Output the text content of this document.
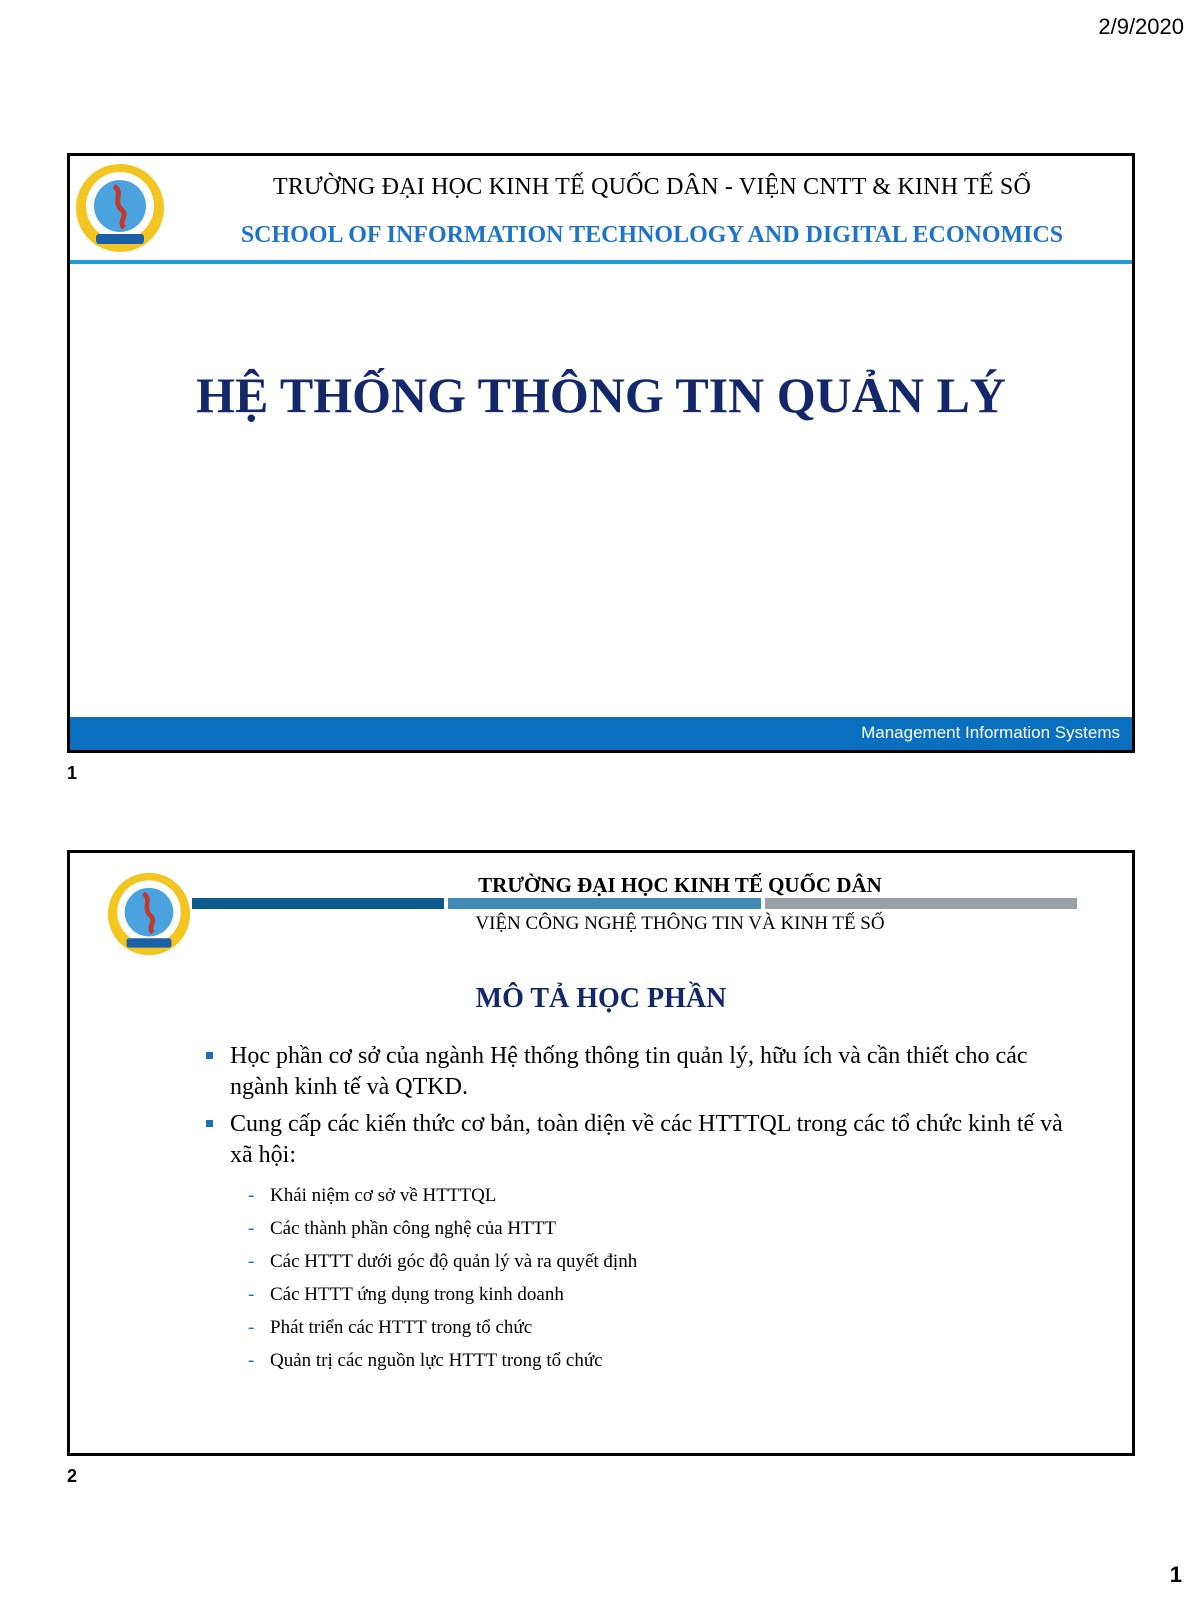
2/9/2020
TRƯỜNG ĐẠI HỌC KINH TẾ QUỐC DÂN - VIỆN CNTT & KINH TẾ SỐ
SCHOOL OF INFORMATION TECHNOLOGY AND DIGITAL ECONOMICS
HỆ THỐNG THÔNG TIN QUẢN LÝ
Management Information Systems
1
TRƯỜNG ĐẠI HỌC KINH TẾ QUỐC DÂN
VIỆN CÔNG NGHỆ THÔNG TIN VÀ KINH TẾ SỐ
MÔ TẢ HỌC PHẦN
Học phần cơ sở của ngành Hệ thống thông tin quản lý, hữu ích và cần thiết cho các ngành kinh tế và QTKD.
Cung cấp các kiến thức cơ bản, toàn diện về các HTTTQL trong các tổ chức kinh tế và xã hội:
- Khái niệm cơ sở về HTTTQL
- Các thành phần công nghệ của HTTT
- Các HTTT dưới góc độ quản lý và ra quyết định
- Các HTTT ứng dụng trong kinh doanh
- Phát triển các HTTT trong tổ chức
- Quản trị các nguồn lực HTTT trong tổ chức
2
1
